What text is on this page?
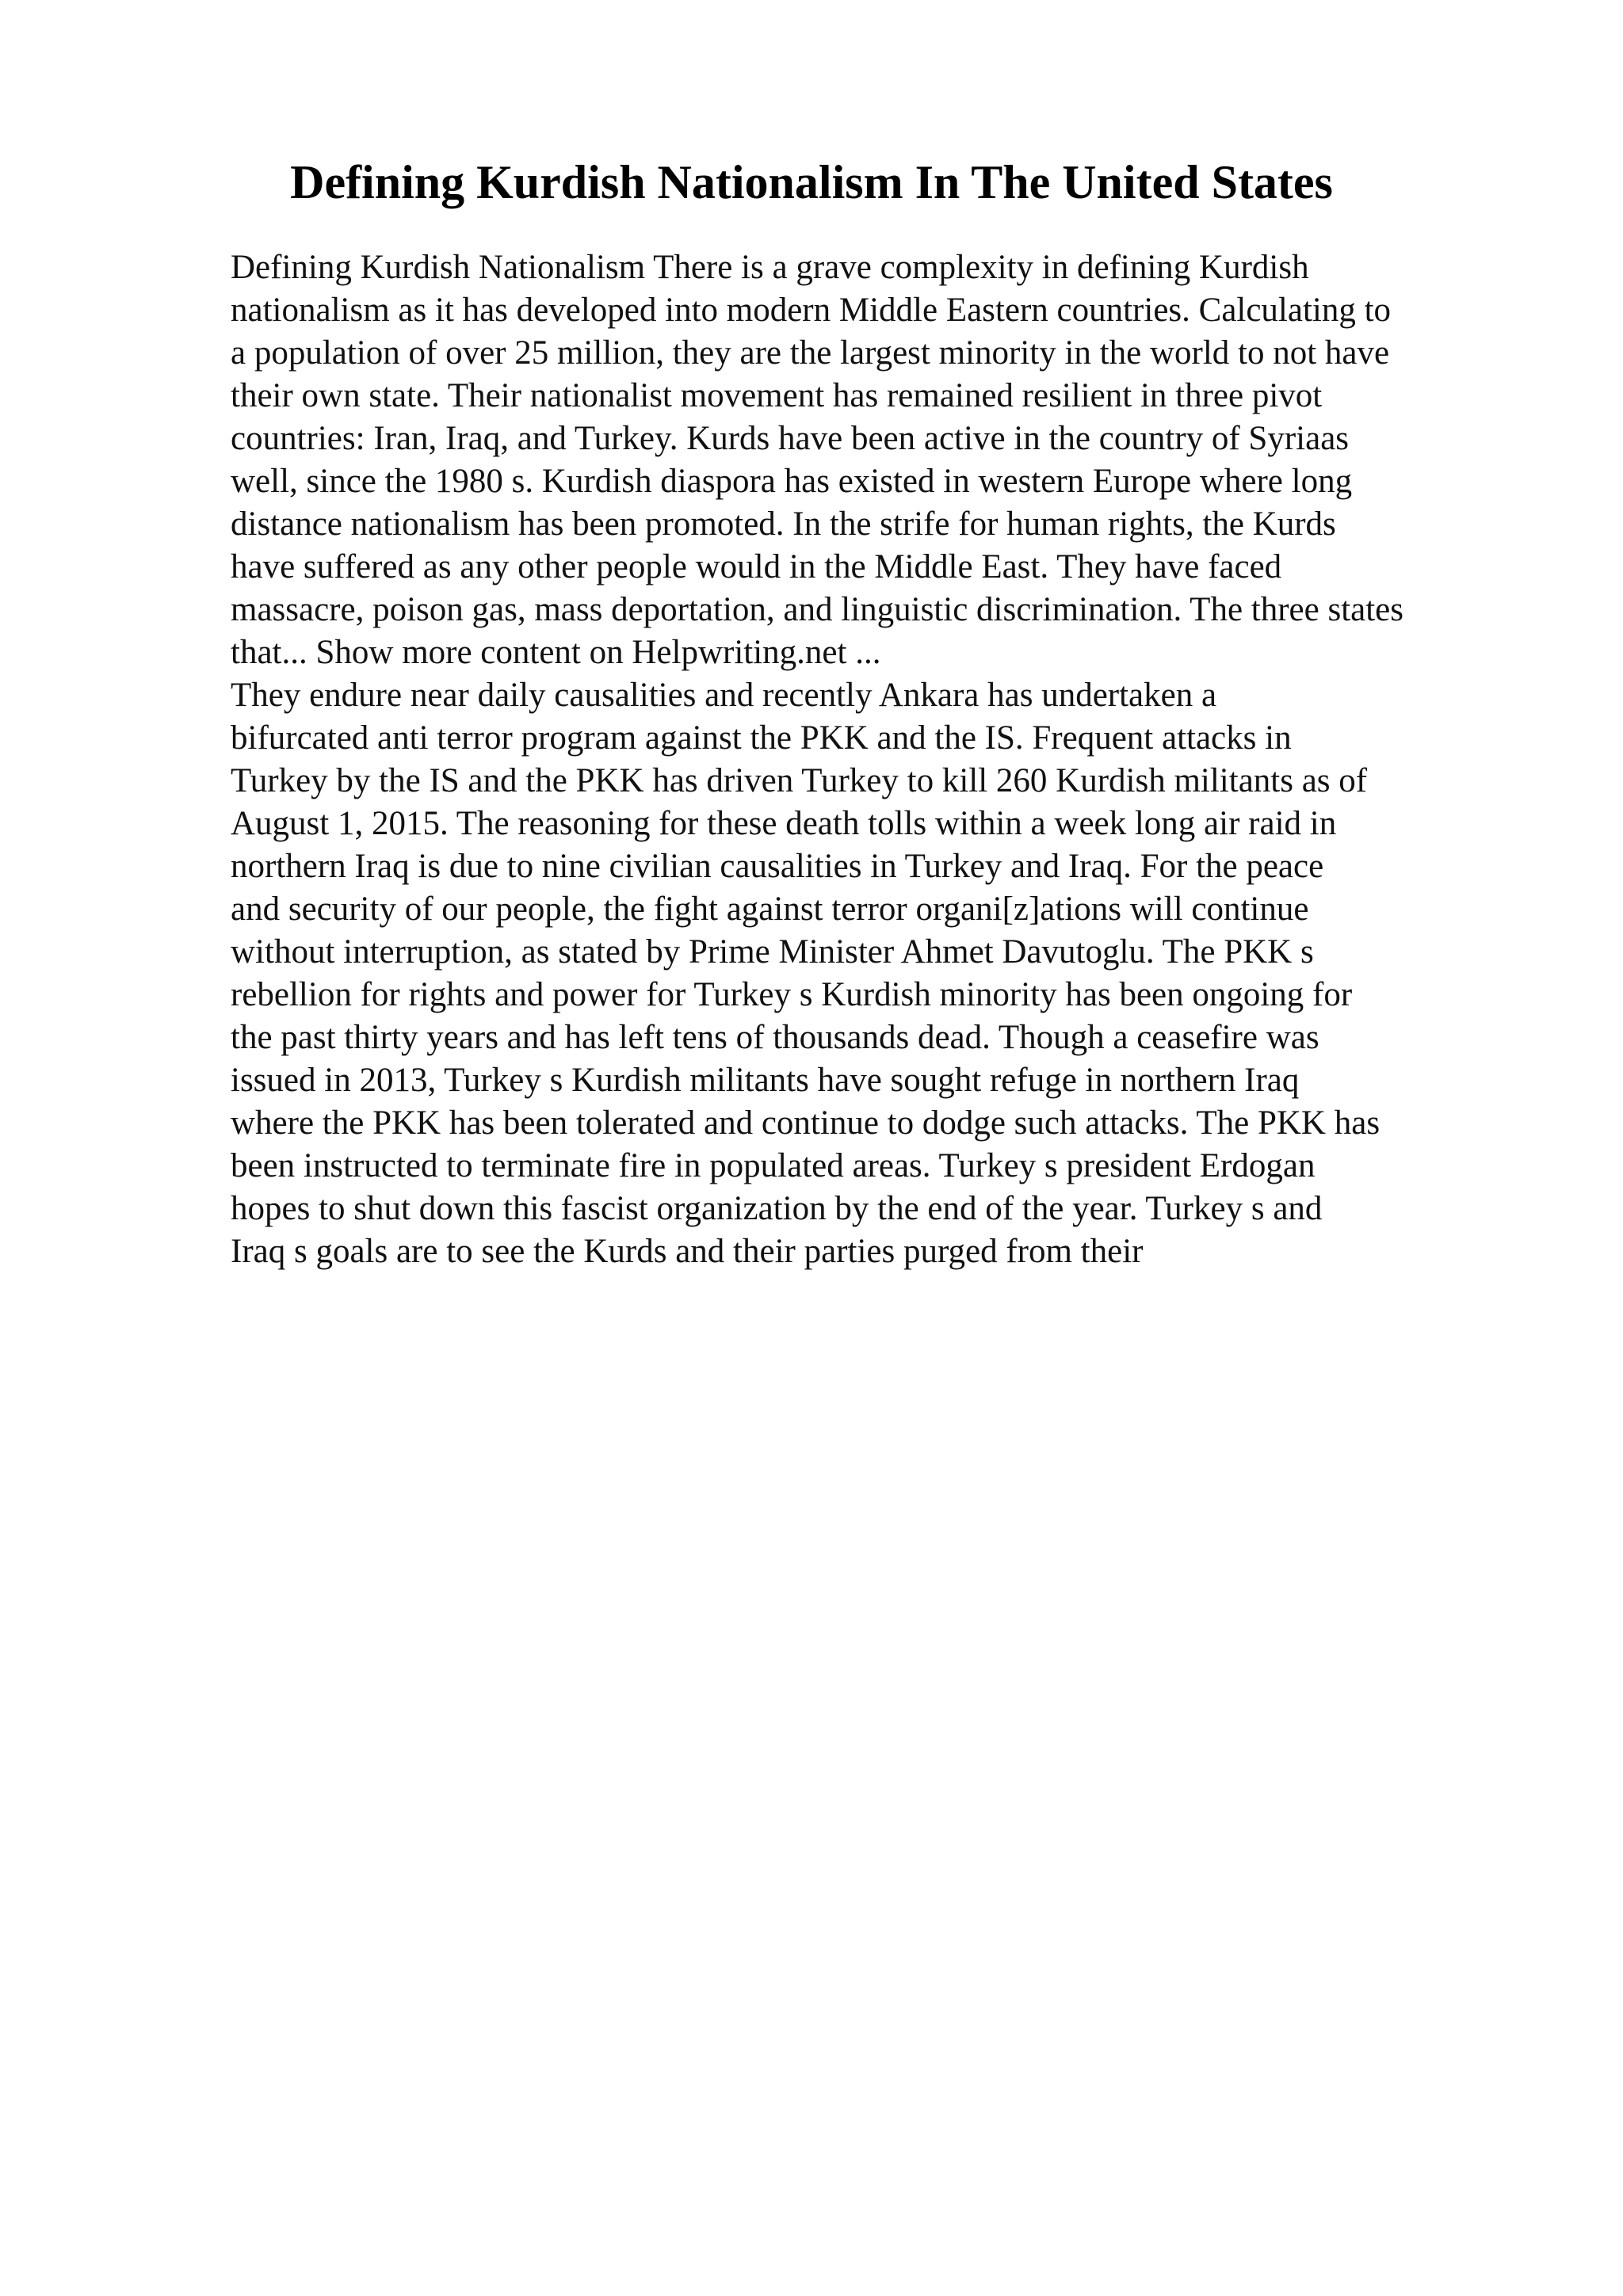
Defining Kurdish Nationalism In The United States
Defining Kurdish Nationalism There is a grave complexity in defining Kurdish
nationalism as it has developed into modern Middle Eastern countries. Calculating to
a population of over 25 million, they are the largest minority in the world to not have
their own state. Their nationalist movement has remained resilient in three pivot
countries: Iran, Iraq, and Turkey. Kurds have been active in the country of Syriaas
well, since the 1980 s. Kurdish diaspora has existed in western Europe where long
distance nationalism has been promoted. In the strife for human rights, the Kurds
have suffered as any other people would in the Middle East. They have faced
massacre, poison gas, mass deportation, and linguistic discrimination. The three states
that... Show more content on Helpwriting.net ...
They endure near daily causalities and recently Ankara has undertaken a
bifurcated anti terror program against the PKK and the IS. Frequent attacks in
Turkey by the IS and the PKK has driven Turkey to kill 260 Kurdish militants as of
August 1, 2015. The reasoning for these death tolls within a week long air raid in
northern Iraq is due to nine civilian causalities in Turkey and Iraq. For the peace
and security of our people, the fight against terror organi[z]ations will continue
without interruption, as stated by Prime Minister Ahmet Davutoglu. The PKK s
rebellion for rights and power for Turkey s Kurdish minority has been ongoing for
the past thirty years and has left tens of thousands dead. Though a ceasefire was
issued in 2013, Turkey s Kurdish militants have sought refuge in northern Iraq
where the PKK has been tolerated and continue to dodge such attacks. The PKK has
been instructed to terminate fire in populated areas. Turkey s president Erdogan
hopes to shut down this fascist organization by the end of the year. Turkey s and
Iraq s goals are to see the Kurds and their parties purged from their
